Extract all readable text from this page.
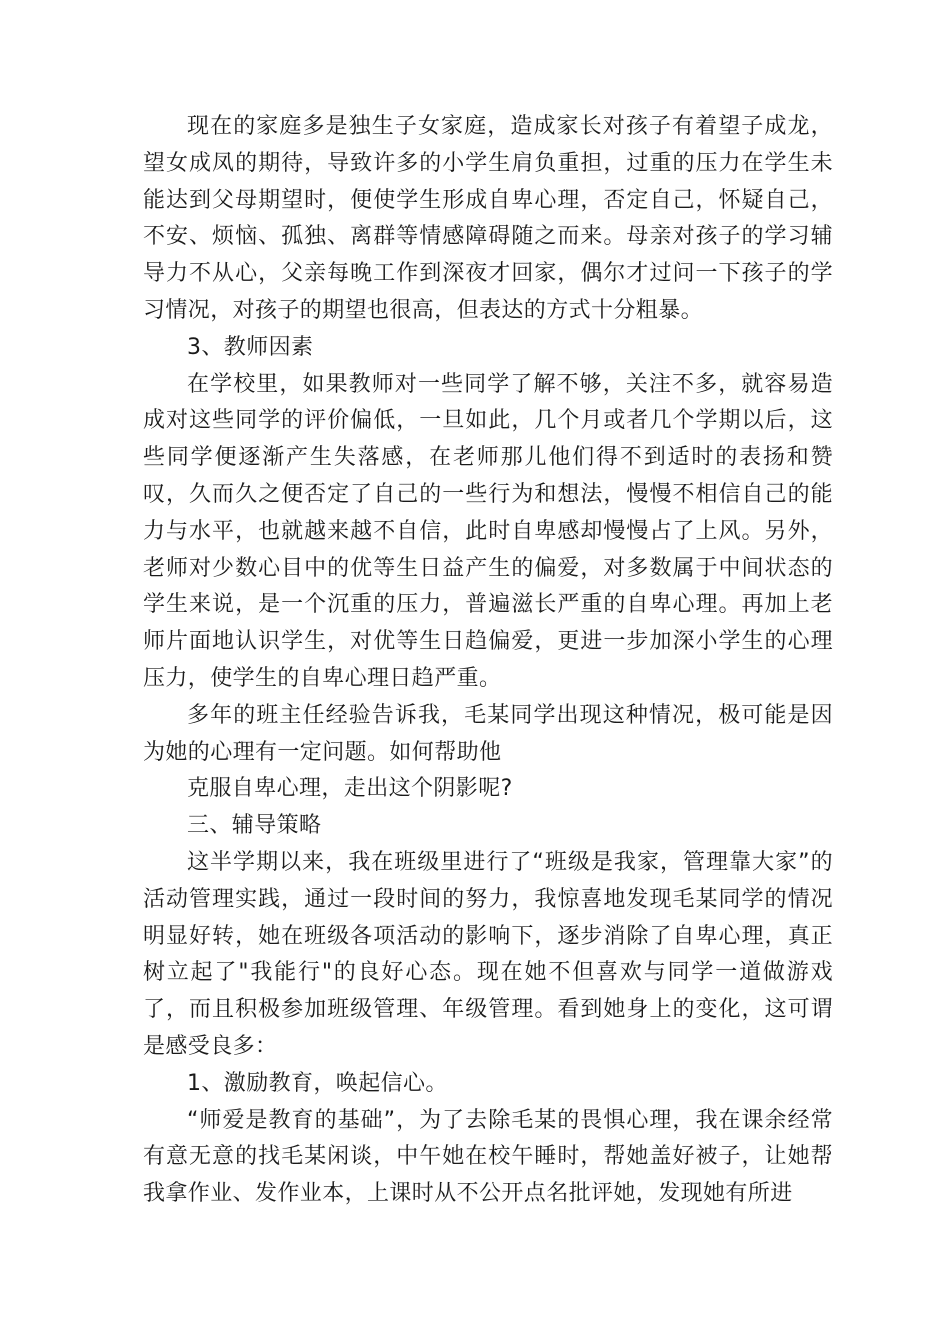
现在的家庭多是独生子女家庭，造成家长对孩子有着望子成龙，望女成凤的期待，导致许多的小学生肩负重担，过重的压力在学生未能达到父母期望时，便使学生形成自卑心理，否定自己，怀疑自己，不安、烦恼、孤独、离群等情感障碍随之而来。母亲对孩子的学习辅导力不从心，父亲每晚工作到深夜才回家，偶尔才过问一下孩子的学习情况，对孩子的期望也很高，但表达的方式十分粗暴。

3、教师因素

在学校里，如果教师对一些同学了解不够，关注不多，就容易造成对这些同学的评价偏低，一旦如此，几个月或者几个学期以后，这些同学便逐渐产生失落感，在老师那儿他们得不到适时的表扬和赞叹，久而久之便否定了自己的一些行为和想法，慢慢不相信自己的能力与水平，也就越来越不自信，此时自卑感却慢慢占了上风。另外，老师对少数心目中的优等生日益产生的偏爱，对多数属于中间状态的学生来说，是一个沉重的压力，普遍滋长严重的自卑心理。再加上老师片面地认识学生，对优等生日趋偏爱，更进一步加深小学生的心理压力，使学生的自卑心理日趋严重。

多年的班主任经验告诉我，毛某同学出现这种情况，极可能是因为她的心理有一定问题。如何帮助他

克服自卑心理，走出这个阴影呢?

三、辅导策略

这半学期以来，我在班级里进行了“班级是我家，管理靠大家”的活动管理实践，通过一段时间的努力，我惊喜地发现毛某同学的情况明显好转，她在班级各项活动的影响下，逐步消除了自卑心理，真正树立起了"我能行"的良好心态。现在她不但喜欢与同学一道做游戏了，而且积极参加班级管理、年级管理。看到她身上的变化，这可谓是感受良多：

1、激励教育，唤起信心。

“师爱是教育的基础”，为了去除毛某的畏惧心理，我在课余经常有意无意的找毛某闲谈，中午她在校午睡时，帮她盖好被子，让她帮我拿作业、发作业本，上课时从不公开点名批评她，发现她有所进
